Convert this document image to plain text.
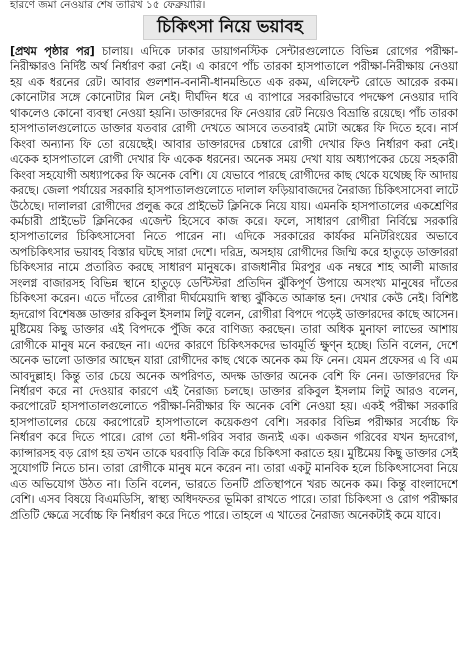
হারণে জমা নেওয়ার শেষ তারিখ ১৫ ফেব্রুয়ারি।
চিকিৎসা নিয়ে ভয়াবহ
[প্রথম পৃষ্ঠার পর] চালায়। এদিকে ঢাকার ডায়াগনস্টিক সেন্টারগুলোতে বিভিন্ন রোগের পরীক্ষা-নিরীক্ষারও নির্দিষ্ট অর্থ নির্ধারণ করা নেই। এ কারণে পাঁচ তারকা হাসপাতালে পরীক্ষা-নিরীক্ষায় নেওয়া হয় এক ধরনের রেট। আবার গুলশান-বনানী-ধানমন্ডিতে এক রকম, এলিফেন্ট রোডে আরেক রকম। কোনোটার সঙ্গে কোনোটার মিল নেই। দীর্ঘদিন ধরে এ ব্যাপারে সরকারিভাবে পদক্ষেপ নেওয়ার দাবি থাকলেও কোনো ব্যবস্থা নেওয়া হয়নি। ডাক্তারদের ফি নেওয়ার রেট নিয়েও বিভ্রান্তি রয়েছে। পাঁচ তারকা হাসপাতালগুলোতে ডাক্তার যতবার রোগী দেখতে আসবে ততবারই মোটা অঙ্কের ফি দিতে হবে। নার্স কিংবা অন্যান্য ফি তো রয়েছেই। আবার ডাক্তারদের চেম্বারে রোগী দেখার ফিও নির্ধারণ করা নেই। একেক হাসপাতালে রোগী দেখার ফি একেক ধরনের। অনেক সময় দেখা যায় অধ্যাপকের চেয়ে সহকারী কিংবা সহযোগী অধ্যাপকের ফি অনেক বেশি। যে যেভাবে পারছে রোগীদের কাছ থেকে যথেচ্ছ ফি আদায় করছে। জেলা পর্যায়ের সরকারি হাসপাতালগুলোতে দালাল ফড়িয়াবাজদের নৈরাজ্য চিকিৎসাসেবা লাটে উঠেছে। দালালরা রোগীদের প্রলুব্ধ করে প্রাইভেট ক্লিনিকে নিয়ে যায়। এমনকি হাসপাতালের একশ্রেণির কর্মচারী প্রাইভেট ক্লিনিকের এজেন্ট হিসেবে কাজ করে। ফলে, সাধারণ রোগীরা নির্বিঘ্নে সরকারি হাসপাতালের চিকিৎসাসেবা নিতে পারেন না। এদিকে সরকারের কার্যকর মনিটরিংয়ের অভাবে অপচিকিৎসার ভয়াবহ বিস্তার ঘটছে সারা দেশে। দরিদ্র, অসহায় রোগীদের জিম্মি করে হাতুড়ে ডাক্তাররা চিকিৎসার নামে প্রতারিত করছে সাধারণ মানুষকে। রাজধানীর মিরপুর এক নম্বরে শাহ আলী মাজার সংলগ্ন বাজারসহ বিভিন্ন স্থানে হাতুড়ে ডেন্টিস্টরা প্রতিদিন ঝুঁকিপূর্ণ উপায়ে অসংখ্য মানুষের দাঁতের চিকিৎসা করেন। এতে দাঁতের রোগীরা দীর্ঘমেয়াদি স্বাস্থ্য ঝুঁকিতে আক্রান্ত হন। দেখার কেউ নেই। বিশিষ্ট হৃদরোগ বিশেষজ্ঞ ডাক্তার রকিবুল ইসলাম লিটু বলেন, রোগীরা বিপদে পড়েই ডাক্তারদের কাছে আসেন। মুষ্টিমেয় কিছু ডাক্তার এই বিপদকে পুঁজি করে বাণিজ্য করছেন। তারা অধিক মুনাফা লাভের আশায় রোগীকে মানুষ মনে করছেন না। এদের কারণে চিকিৎসকদের ভাবমূর্তি ক্ষুণ্ন হচ্ছে। তিনি বলেন, দেশে অনেক ভালো ডাক্তার আছেন যারা রোগীদের কাছ থেকে অনেক কম ফি নেন। যেমন প্রফেসর এ বি এম আবদুল্লাহ। কিন্তু তার চেয়ে অনেক অপরিণত, অদক্ষ ডাক্তার অনেক বেশি ফি নেন। ডাক্তারদের ফি নির্ধারণ করে না দেওয়ার কারণে এই নৈরাজ্য চলছে। ডাক্তার রকিবুল ইসলাম লিটু আরও বলেন, করপোরেট হাসপাতালগুলোতে পরীক্ষা-নিরীক্ষার ফি অনেক বেশি নেওয়া হয়। একই পরীক্ষা সরকারি হাসপাতালের চেয়ে করপোরেট হাসপাতালে কয়েকগুণ বেশি। সরকার বিভিন্ন পরীক্ষার সর্বোচ্চ ফি নির্ধারণ করে দিতে পারে। রোগ তো ধনী-গরিব সবার জন্যই এক। একজন গরিবের যখন হৃদরোগ, ক্যান্সারসহ বড় রোগ হয় তখন তাকে ঘরবাড়ি বিক্রি করে চিকিৎসা করাতে হয়। মুষ্টিমেয় কিছু ডাক্তার সেই সুযোগটি নিতে চান। তারা রোগীকে মানুষ মনে করেন না। তারা একটু মানবিক হলে চিকিৎসাসেবা নিয়ে এত অভিযোগ উঠত না। তিনি বলেন, ভারতে তিনটি প্রতিস্থাপনে খরচ অনেক কম। কিন্তু বাংলাদেশে বেশি। এসব বিষয়ে বিএমডিসি, স্বাস্থ্য অধিদফতর ভূমিকা রাখতে পারে। তারা চিকিৎসা ও রোগ পরীক্ষার প্রতিটি ক্ষেত্রে সর্বোচ্চ ফি নির্ধারণ করে দিতে পারে। তাহলে এ খাতের নৈরাজ্য অনেকটাই কমে যাবে।
